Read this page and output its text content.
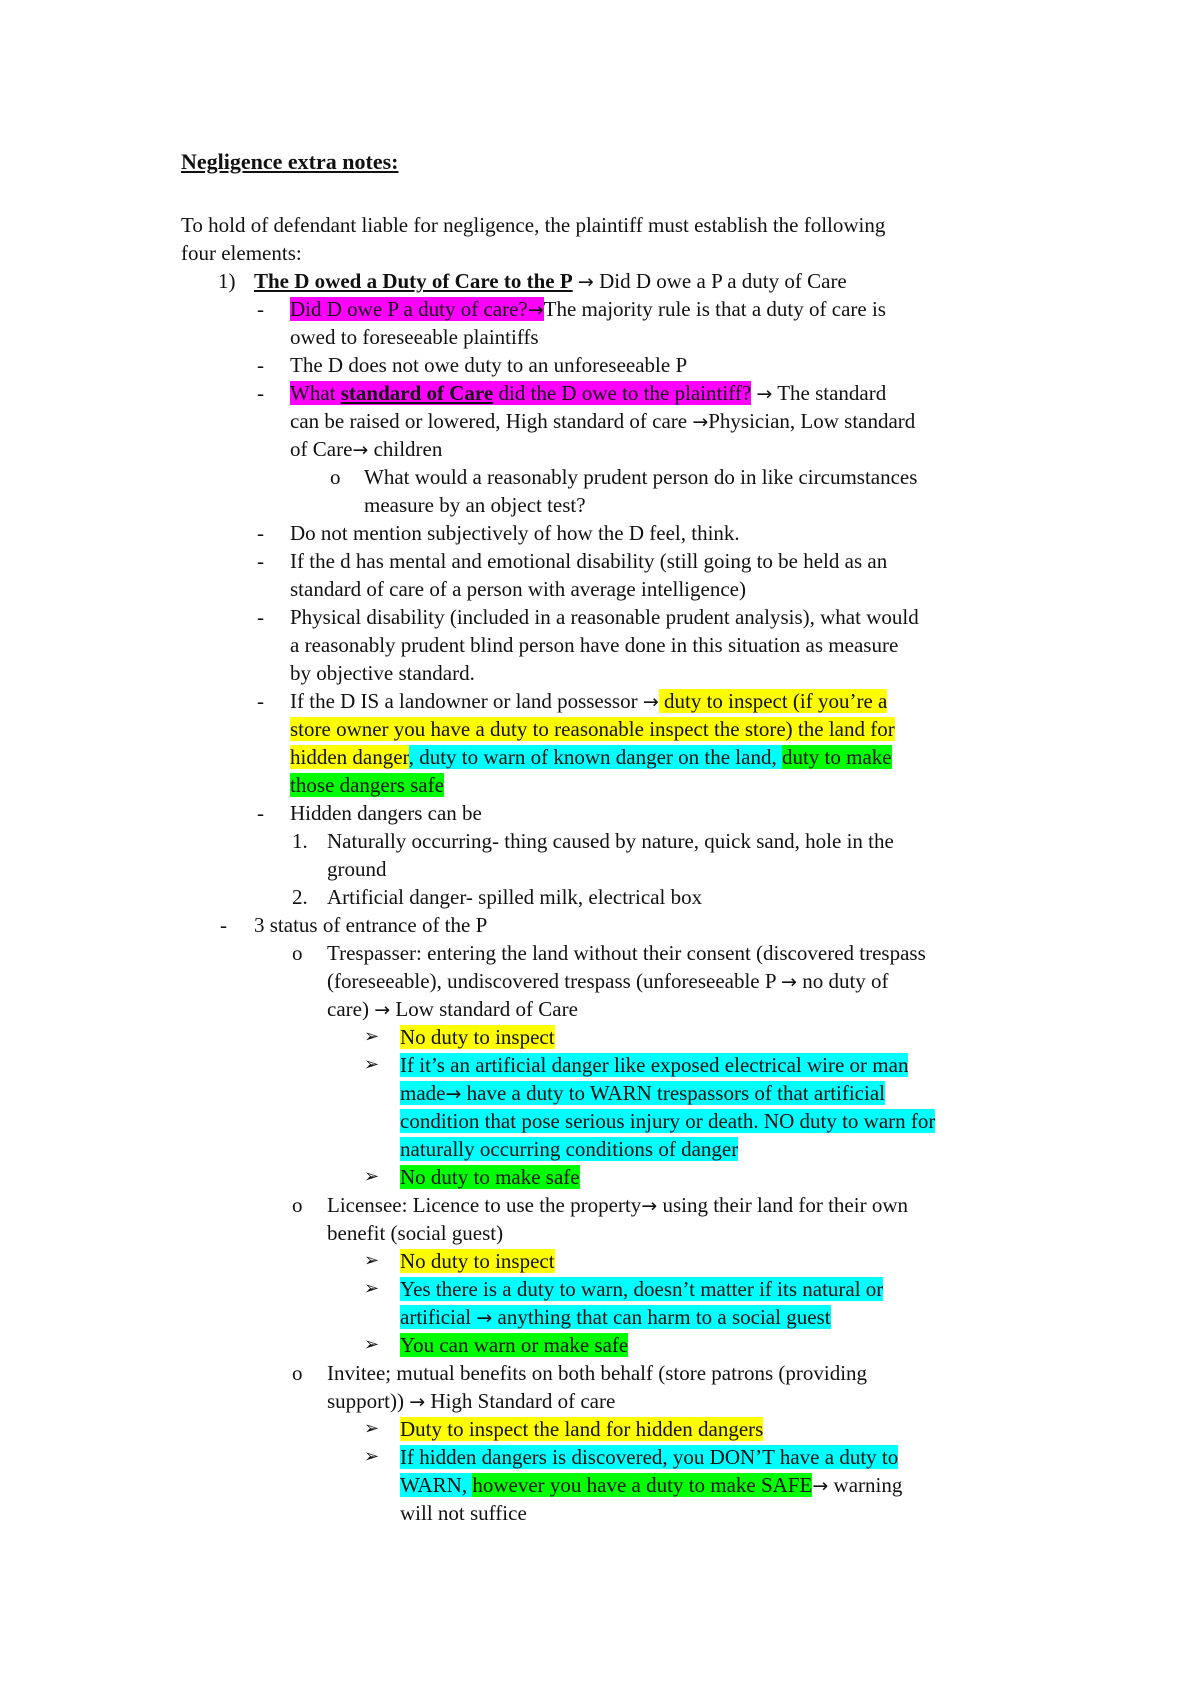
Negligence extra notes:
To hold of defendant liable for negligence, the plaintiff must establish the following
four elements:
1) The D owed a Duty of Care to the P → Did D owe a P a duty of Care
- Did D owe P a duty of care?→The majority rule is that a duty of care is
owed to foreseeable plaintiffs
- The D does not owe duty to an unforeseeable P
- What standard of Care did the D owe to the plaintiff? → The standard
can be raised or lowered, High standard of care →Physician, Low standard
of Care→ children
o What would a reasonably prudent person do in like circumstances
measure by an object test?
- Do not mention subjectively of how the D feel, think.
- If the d has mental and emotional disability (still going to be held as an
standard of care of a person with average intelligence)
- Physical disability (included in a reasonable prudent analysis), what would
a reasonably prudent blind person have done in this situation as measure
by objective standard.
- If the D IS a landowner or land possessor → duty to inspect (if you’re a
store owner you have a duty to reasonable inspect the store) the land for
hidden danger, duty to warn of known danger on the land, duty to make
those dangers safe
- Hidden dangers can be
1. Naturally occurring- thing caused by nature, quick sand, hole in the
ground
2. Artificial danger- spilled milk, electrical box
- 3 status of entrance of the P
o Trespasser: entering the land without their consent (discovered trespass
(foreseeable), undiscovered trespass (unforeseeable P → no duty of
care) → Low standard of Care
➢ No duty to inspect
➢ If it’s an artificial danger like exposed electrical wire or man
made→ have a duty to WARN trespassors of that artificial
condition that pose serious injury or death. NO duty to warn for
naturally occurring conditions of danger
➢ No duty to make safe
o Licensee: Licence to use the property→ using their land for their own
benefit (social guest)
➢ No duty to inspect
➢ Yes there is a duty to warn, doesn’t matter if its natural or
artificial → anything that can harm to a social guest
➢ You can warn or make safe
o Invitee; mutual benefits on both behalf (store patrons (providing
support)) → High Standard of care
➢ Duty to inspect the land for hidden dangers
➢ If hidden dangers is discovered, you DON’T have a duty to
WARN, however you have a duty to make SAFE→ warning
will not suffice
